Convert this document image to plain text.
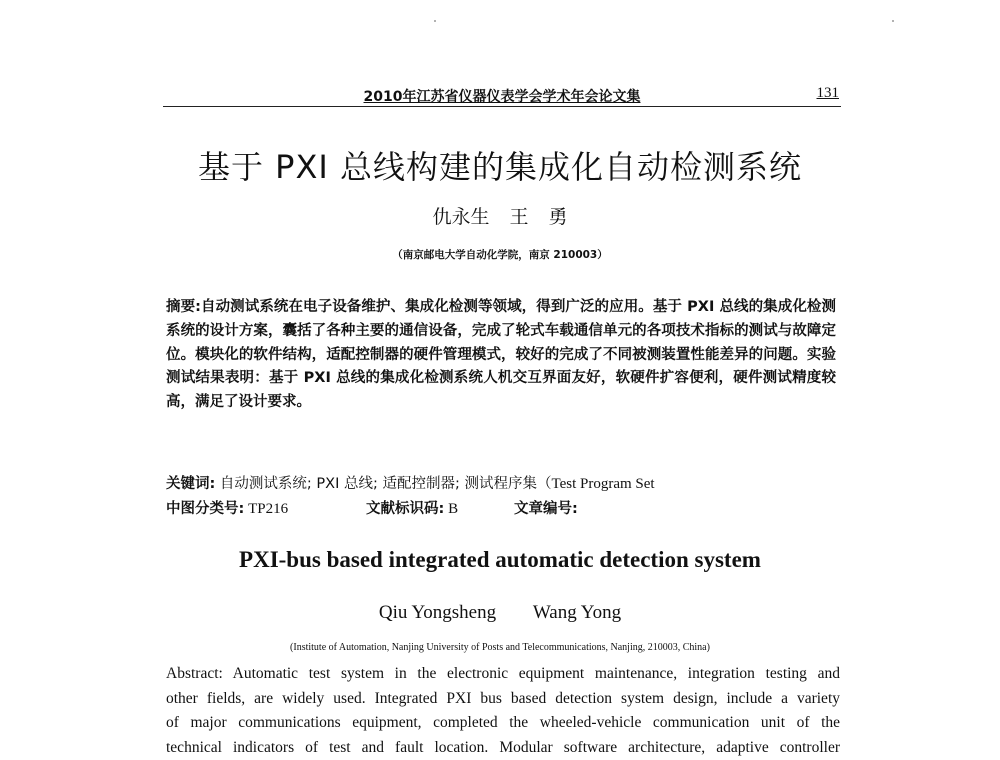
2010年江苏省仪器仪表学会学术年会论文集	131
基于 PXI 总线构建的集成化自动检测系统
仇永生 王 勇
（南京邮电大学自动化学院，南京 210003）

摘要:自动测试系统在电子设备维护、集成化检测等领域，得到广泛的应用。基于 PXI 总线的集成化检测系统的设计方案，囊括了各种主要的通信设备，完成了轮式车载通信单元的各项技术指标的测试与故障定位。模块化的软件结构，适配控制器的硬件管理模式，较好的完成了不同被测装置性能差异的问题。实验测试结果表明：基于 PXI 总线的集成化检测系统人机交互界面友好，软硬件扩容便利，硬件测试精度较高，满足了设计要求。

关键词: 自动测试系统; PXI 总线; 适配控制器; 测试程序集（Test Program Set
中图分类号: TP216	文献标识码: B	文章编号:
PXI-bus based integrated automatic detection system
Qiu Yongsheng Wang Yong
(Institute of Automation, Nanjing University of Posts and Telecommunications, Nanjing, 210003, China)
Abstract: Automatic test system in the electronic equipment maintenance, integration testing and
other fields, are widely used. Integrated PXI bus based detection system design, include a variety
of major communications equipment, completed the wheeled-vehicle communication unit of the
technical indicators of test and fault location. Modular software architecture, adaptive controller
